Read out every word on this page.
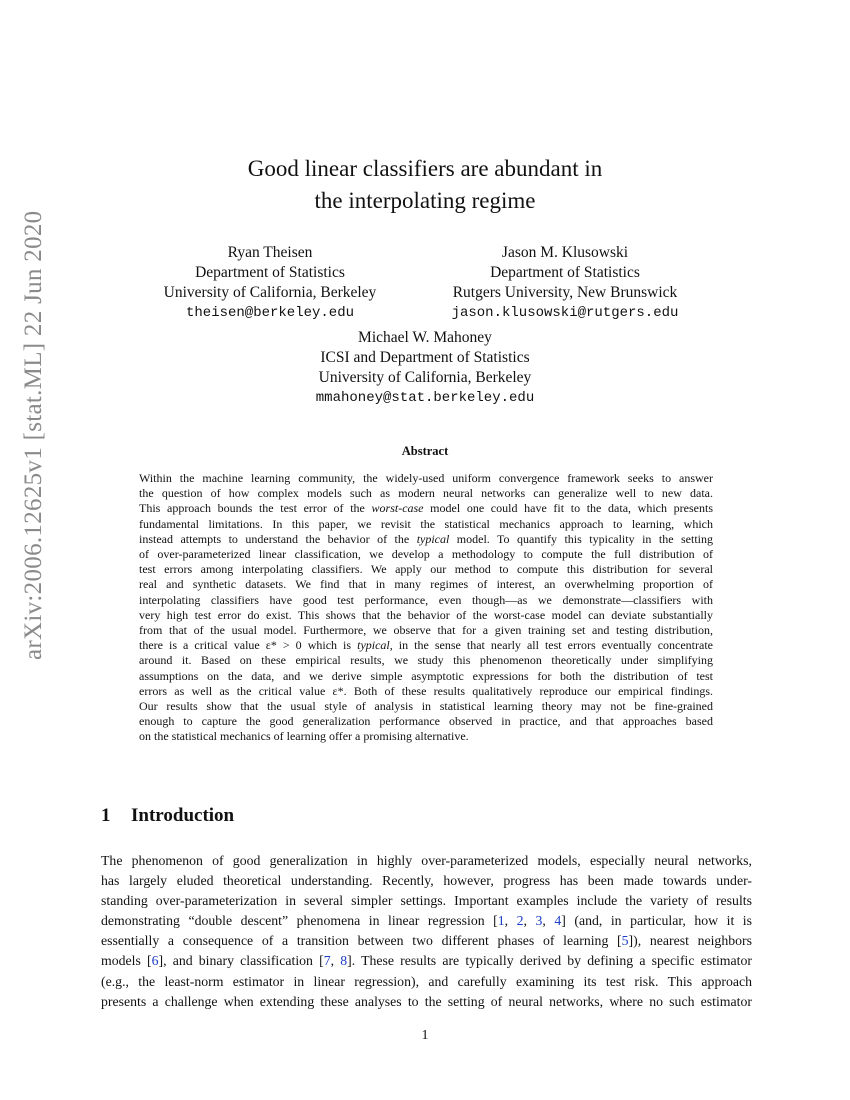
arXiv:2006.12625v1 [stat.ML] 22 Jun 2020
Good linear classifiers are abundant in
the interpolating regime
Ryan Theisen
Department of Statistics
University of California, Berkeley
theisen@berkeley.edu
Jason M. Klusowski
Department of Statistics
Rutgers University, New Brunswick
jason.klusowski@rutgers.edu
Michael W. Mahoney
ICSI and Department of Statistics
University of California, Berkeley
mmahoney@stat.berkeley.edu
Abstract
Within the machine learning community, the widely-used uniform convergence framework seeks to answer
the question of how complex models such as modern neural networks can generalize well to new data.
This approach bounds the test error of the worst-case model one could have fit to the data, which presents
fundamental limitations. In this paper, we revisit the statistical mechanics approach to learning, which
instead attempts to understand the behavior of the typical model. To quantify this typicality in the setting
of over-parameterized linear classification, we develop a methodology to compute the full distribution of
test errors among interpolating classifiers. We apply our method to compute this distribution for several
real and synthetic datasets. We find that in many regimes of interest, an overwhelming proportion of
interpolating classifiers have good test performance, even though—as we demonstrate—classifiers with
very high test error do exist. This shows that the behavior of the worst-case model can deviate substantially
from that of the usual model. Furthermore, we observe that for a given training set and testing distribution,
there is a critical value ε* > 0 which is typical, in the sense that nearly all test errors eventually concentrate
around it. Based on these empirical results, we study this phenomenon theoretically under simplifying
assumptions on the data, and we derive simple asymptotic expressions for both the distribution of test
errors as well as the critical value ε*. Both of these results qualitatively reproduce our empirical findings.
Our results show that the usual style of analysis in statistical learning theory may not be fine-grained
enough to capture the good generalization performance observed in practice, and that approaches based
on the statistical mechanics of learning offer a promising alternative.
1 Introduction
The phenomenon of good generalization in highly over-parameterized models, especially neural networks,
has largely eluded theoretical understanding. Recently, however, progress has been made towards under-
standing over-parameterization in several simpler settings. Important examples include the variety of results
demonstrating “double descent” phenomena in linear regression [1, 2, 3, 4] (and, in particular, how it is
essentially a consequence of a transition between two different phases of learning [5]), nearest neighbors
models [6], and binary classification [7, 8]. These results are typically derived by defining a specific estimator
(e.g., the least-norm estimator in linear regression), and carefully examining its test risk. This approach
presents a challenge when extending these analyses to the setting of neural networks, where no such estimator
1
